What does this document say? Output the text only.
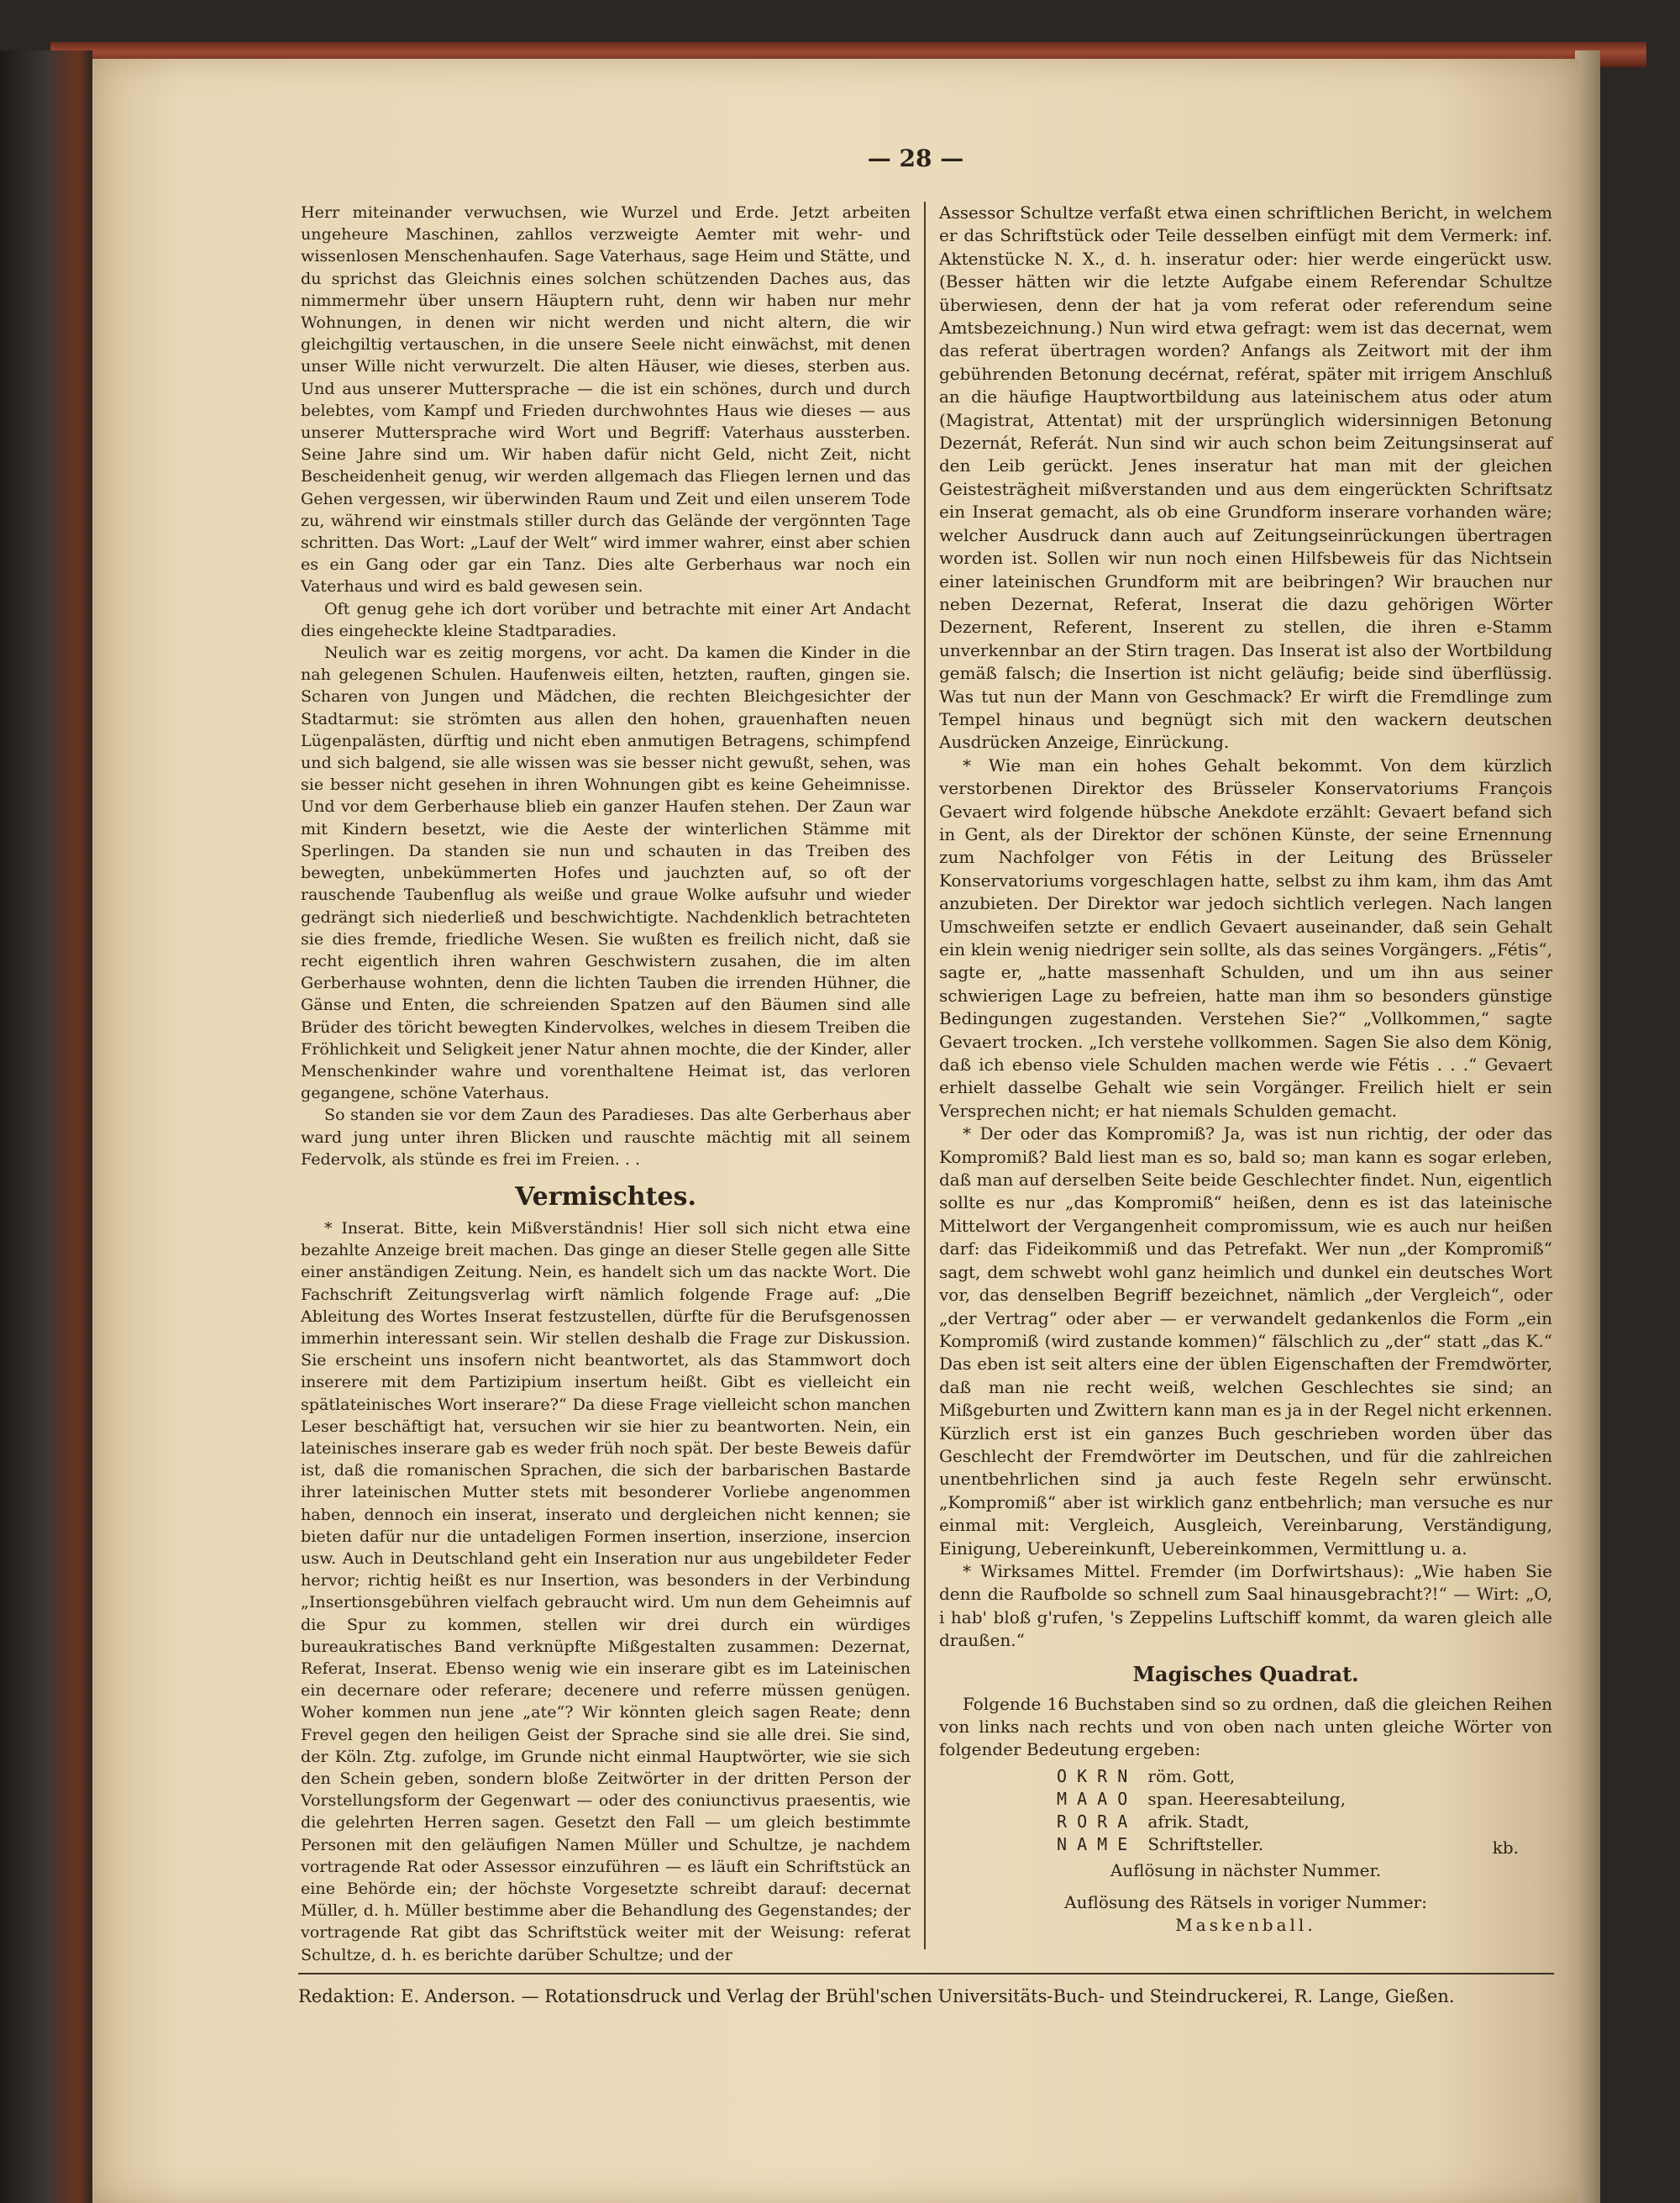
— 28 —

Herr miteinander verwuchsen, wie Wurzel und Erde. Jetzt arbeiten ungeheure Maschinen, zahllos verzweigte Aemter mit wehr- und wissenlosen Menschenhaufen. Sage Vaterhaus, sage Heim und Stätte, und du sprichst das Gleichnis eines solchen schützenden Daches aus, das nimmermehr über unsern Häuptern ruht, denn wir haben nur mehr Wohnungen, in denen wir nicht werden und nicht altern, die wir gleichgiltig vertauschen, in die unsere Seele nicht einwächst, mit denen unser Wille nicht verwurzelt. Die alten Häuser, wie dieses, sterben aus. Und aus unserer Muttersprache — die ist ein schönes, durch und durch belebtes, vom Kampf und Frieden durchwohntes Haus wie dieses — aus unserer Muttersprache wird Wort und Begriff: Vaterhaus aussterben. Seine Jahre sind um. Wir haben dafür nicht Geld, nicht Zeit, nicht Bescheidenheit genug, wir werden allgemach das Fliegen lernen und das Gehen vergessen, wir überwinden Raum und Zeit und eilen unserem Tode zu, während wir einstmals stiller durch das Gelände der vergönnten Tage schritten. Das Wort: „Lauf der Welt“ wird immer wahrer, einst aber schien es ein Gang oder gar ein Tanz. Dies alte Gerberhaus war noch ein Vaterhaus und wird es bald gewesen sein.

Oft genug gehe ich dort vorüber und betrachte mit einer Art Andacht dies eingeheckte kleine Stadtparadies.

Neulich war es zeitig morgens, vor acht. Da kamen die Kinder in die nah gelegenen Schulen. Haufenweis eilten, hetzten, rauften, gingen sie. Scharen von Jungen und Mädchen, die rechten Bleichgesichter der Stadtarmut: sie strömten aus allen den hohen, grauenhaften neuen Lügenpalästen, dürftig und nicht eben anmutigen Betragens, schimpfend und sich balgend, sie alle wissen was sie besser nicht gewußt, sehen, was sie besser nicht gesehen in ihren Wohnungen gibt es keine Geheimnisse. Und vor dem Gerberhause blieb ein ganzer Haufen stehen. Der Zaun war mit Kindern besetzt, wie die Aeste der winterlichen Stämme mit Sperlingen. Da standen sie nun und schauten in das Treiben des bewegten, unbekümmerten Hofes und jauchzten auf, so oft der rauschende Taubenflug als weiße und graue Wolke aufsuhr und wieder gedrängt sich niederließ und beschwichtigte. Nachdenklich betrachteten sie dies fremde, friedliche Wesen. Sie wußten es freilich nicht, daß sie recht eigentlich ihren wahren Geschwistern zusahen, die im alten Gerberhause wohnten, denn die lichten Tauben die irrenden Hühner, die Gänse und Enten, die schreienden Spatzen auf den Bäumen sind alle Brüder des töricht bewegten Kindervolkes, welches in diesem Treiben die Fröhlichkeit und Seligkeit jener Natur ahnen mochte, die der Kinder, aller Menschenkinder wahre und vorenthaltene Heimat ist, das verloren gegangene, schöne Vaterhaus.

So standen sie vor dem Zaun des Paradieses. Das alte Gerberhaus aber ward jung unter ihren Blicken und rauschte mächtig mit all seinem Federvolk, als stünde es frei im Freien. . .

Vermischtes.

* Inserat. Bitte, kein Mißverständnis! Hier soll sich nicht etwa eine bezahlte Anzeige breit machen. Das ginge an dieser Stelle gegen alle Sitte einer anständigen Zeitung. Nein, es handelt sich um das nackte Wort. Die Fachschrift Zeitungsverlag wirft nämlich folgende Frage auf: „Die Ableitung des Wortes Inserat festzustellen, dürfte für die Berufsgenossen immerhin interessant sein. Wir stellen deshalb die Frage zur Diskussion. Sie erscheint uns insofern nicht beantwortet, als das Stammwort doch inserere mit dem Partizipium insertum heißt. Gibt es vielleicht ein spätlateinisches Wort inserare?“ Da diese Frage vielleicht schon manchen Leser beschäftigt hat, versuchen wir sie hier zu beantworten. Nein, ein lateinisches inserare gab es weder früh noch spät. Der beste Beweis dafür ist, daß die romanischen Sprachen, die sich der barbarischen Bastarde ihrer lateinischen Mutter stets mit besonderer Vorliebe angenommen haben, dennoch ein inserat, inserato und dergleichen nicht kennen; sie bieten dafür nur die untadeligen Formen insertion, inserzione, insercion usw. Auch in Deutschland geht ein Inseration nur aus ungebildeter Feder hervor; richtig heißt es nur Insertion, was besonders in der Verbindung „Insertionsgebühren vielfach gebraucht wird. Um nun dem Geheimnis auf die Spur zu kommen, stellen wir drei durch ein würdiges bureaukratisches Band verknüpfte Mißgestalten zusammen: Dezernat, Referat, Inserat. Ebenso wenig wie ein inserare gibt es im Lateinischen ein decernare oder referare; decenere und referre müssen genügen. Woher kommen nun jene „ate“? Wir könnten gleich sagen Reate; denn Frevel gegen den heiligen Geist der Sprache sind sie alle drei. Sie sind, der Köln. Ztg. zufolge, im Grunde nicht einmal Hauptwörter, wie sie sich den Schein geben, sondern bloße Zeitwörter in der dritten Person der Vorstellungsform der Gegenwart — oder des coniunctivus praesentis, wie die gelehrten Herren sagen. Gesetzt den Fall — um gleich bestimmte Personen mit den geläufigen Namen Müller und Schultze, je nachdem vortragende Rat oder Assessor einzuführen — es läuft ein Schriftstück an eine Behörde ein; der höchste Vorgesetzte schreibt darauf: decernat Müller, d. h. Müller bestimme aber die Behandlung des Gegenstandes; der vortragende Rat gibt das Schriftstück weiter mit der Weisung: referat Schultze, d. h. es berichte darüber Schultze; und der

Assessor Schultze verfaßt etwa einen schriftlichen Bericht, in welchem er das Schriftstück oder Teile desselben einfügt mit dem Vermerk: inf. Aktenstücke N. X., d. h. inseratur oder: hier werde eingerückt usw. (Besser hätten wir die letzte Aufgabe einem Referendar Schultze überwiesen, denn der hat ja vom referat oder referendum seine Amtsbezeichnung.) Nun wird etwa gefragt: wem ist das decernat, wem das referat übertragen worden? Anfangs als Zeitwort mit der ihm gebührenden Betonung decérnat, reférat, später mit irrigem Anschluß an die häufige Hauptwortbildung aus lateinischem atus oder atum (Magistrat, Attentat) mit der ursprünglich widersinnigen Betonung Dezernát, Referát. Nun sind wir auch schon beim Zeitungsinserat auf den Leib gerückt. Jenes inseratur hat man mit der gleichen Geistesträgheit mißverstanden und aus dem eingerückten Schriftsatz ein Inserat gemacht, als ob eine Grundform inserare vorhanden wäre; welcher Ausdruck dann auch auf Zeitungseinrückungen übertragen worden ist. Sollen wir nun noch einen Hilfsbeweis für das Nichtsein einer lateinischen Grundform mit are beibringen? Wir brauchen nur neben Dezernat, Referat, Inserat die dazu gehörigen Wörter Dezernent, Referent, Inserent zu stellen, die ihren e-Stamm unverkennbar an der Stirn tragen. Das Inserat ist also der Wortbildung gemäß falsch; die Insertion ist nicht geläufig; beide sind überflüssig. Was tut nun der Mann von Geschmack? Er wirft die Fremdlinge zum Tempel hinaus und begnügt sich mit den wackern deutschen Ausdrücken Anzeige, Einrückung.

* Wie man ein hohes Gehalt bekommt. Von dem kürzlich verstorbenen Direktor des Brüsseler Konservatoriums François Gevaert wird folgende hübsche Anekdote erzählt: Gevaert befand sich in Gent, als der Direktor der schönen Künste, der seine Ernennung zum Nachfolger von Fétis in der Leitung des Brüsseler Konservatoriums vorgeschlagen hatte, selbst zu ihm kam, ihm das Amt anzubieten. Der Direktor war jedoch sichtlich verlegen. Nach langen Umschweifen setzte er endlich Gevaert auseinander, daß sein Gehalt ein klein wenig niedriger sein sollte, als das seines Vorgängers. „Fétis“, sagte er, „hatte massenhaft Schulden, und um ihn aus seiner schwierigen Lage zu befreien, hatte man ihm so besonders günstige Bedingungen zugestanden. Verstehen Sie?“ „Vollkommen,“ sagte Gevaert trocken. „Ich verstehe vollkommen. Sagen Sie also dem König, daß ich ebenso viele Schulden machen werde wie Fétis . . .“ Gevaert erhielt dasselbe Gehalt wie sein Vorgänger. Freilich hielt er sein Versprechen nicht; er hat niemals Schulden gemacht.

* Der oder das Kompromiß? Ja, was ist nun richtig, der oder das Kompromiß? Bald liest man es so, bald so; man kann es sogar erleben, daß man auf derselben Seite beide Geschlechter findet. Nun, eigentlich sollte es nur „das Kompromiß“ heißen, denn es ist das lateinische Mittelwort der Vergangenheit compromissum, wie es auch nur heißen darf: das Fideikommiß und das Petrefakt. Wer nun „der Kompromiß“ sagt, dem schwebt wohl ganz heimlich und dunkel ein deutsches Wort vor, das denselben Begriff bezeichnet, nämlich „der Vergleich“, oder „der Vertrag“ oder aber — er verwandelt gedankenlos die Form „ein Kompromiß (wird zustande kommen)“ fälschlich zu „der“ statt „das K.“ Das eben ist seit alters eine der üblen Eigenschaften der Fremdwörter, daß man nie recht weiß, welchen Geschlechtes sie sind; an Mißgeburten und Zwittern kann man es ja in der Regel nicht erkennen. Kürzlich erst ist ein ganzes Buch geschrieben worden über das Geschlecht der Fremdwörter im Deutschen, und für die zahlreichen unentbehrlichen sind ja auch feste Regeln sehr erwünscht. „Kompromiß“ aber ist wirklich ganz entbehrlich; man versuche es nur einmal mit: Vergleich, Ausgleich, Vereinbarung, Verständigung, Einigung, Uebereinkunft, Uebereinkommen, Vermittlung u. a.

* Wirksames Mittel. Fremder (im Dorfwirtshaus): „Wie haben Sie denn die Raufbolde so schnell zum Saal hinausgebracht?!“ — Wirt: „O, i hab' bloß g'rufen, 's Zeppelins Luftschiff kommt, da waren gleich alle draußen.“

Magisches Quadrat.

Folgende 16 Buchstaben sind so zu ordnen, daß die gleichen Reihen von links nach rechts und von oben nach unten gleiche Wörter von folgender Bedeutung ergeben:

O K R N röm. Gott,
M A A O span. Heeresabteilung,
R O R A afrik. Stadt,
N A M E Schriftsteller.	kb.
Auflösung in nächster Nummer.
Auflösung des Rätsels in voriger Nummer:
Maskenball.
Redaktion: E. Anderson. — Rotationsdruck und Verlag der Brühl'schen Universitäts-Buch- und Steindruckerei, R. Lange, Gießen.
